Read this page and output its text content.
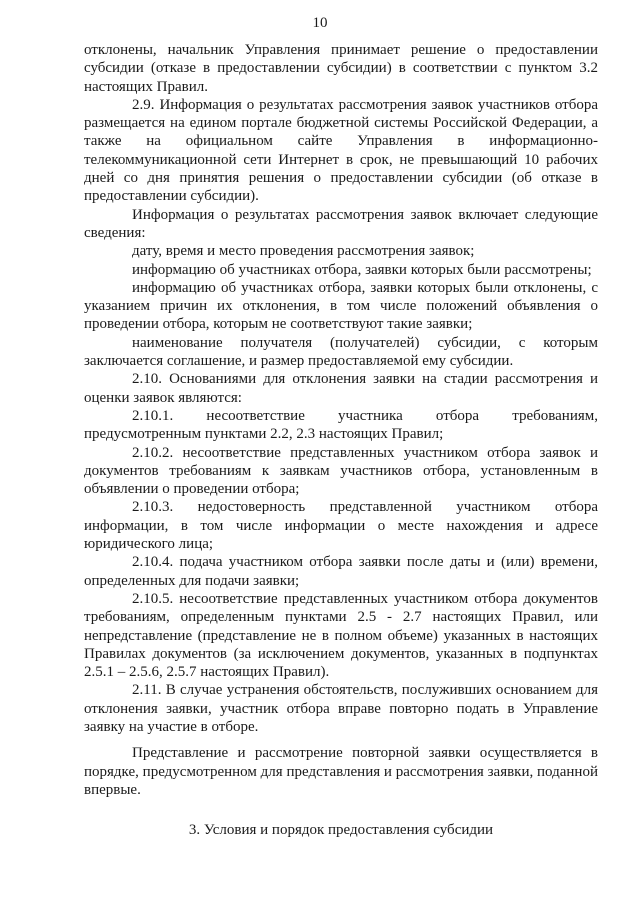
10

отклонены, начальник Управления принимает решение о предоставлении субсидии (отказе в предоставлении субсидии) в соответствии с пунктом 3.2 настоящих Правил.

2.9. Информация о результатах рассмотрения заявок участников отбора размещается на едином портале бюджетной системы Российской Федерации, а также на официальном сайте Управления в информационно-телекоммуникационной сети Интернет в срок, не превышающий 10 рабочих дней со дня принятия решения о предоставлении субсидии (об отказе в предоставлении субсидии).

Информация о результатах рассмотрения заявок включает следующие сведения:

дату, время и место проведения рассмотрения заявок;

информацию об участниках отбора, заявки которых были рассмотрены;

информацию об участниках отбора, заявки которых были отклонены, с указанием причин их отклонения, в том числе положений объявления о проведении отбора, которым не соответствуют такие заявки;

наименование получателя (получателей) субсидии, с которым заключается соглашение, и размер предоставляемой ему субсидии.

2.10. Основаниями для отклонения заявки на стадии рассмотрения и оценки заявок являются:

2.10.1. несоответствие участника отбора требованиям, предусмотренным пунктами 2.2, 2.3 настоящих Правил;

2.10.2. несоответствие представленных участником отбора заявок и документов требованиям к заявкам участников отбора, установленным в объявлении о проведении отбора;

2.10.3. недостоверность представленной участником отбора информации, в том числе информации о месте нахождения и адресе юридического лица;

2.10.4. подача участником отбора заявки после даты и (или) времени, определенных для подачи заявки;

2.10.5. несоответствие представленных участником отбора документов требованиям, определенным пунктами 2.5 - 2.7 настоящих Правил, или непредставление (представление не в полном объеме) указанных в настоящих Правилах документов (за исключением документов, указанных в подпунктах 2.5.1 – 2.5.6, 2.5.7 настоящих Правил).

2.11. В случае устранения обстоятельств, послуживших основанием для отклонения заявки, участник отбора вправе повторно подать в Управление заявку на участие в отборе.

Представление и рассмотрение повторной заявки осуществляется в порядке, предусмотренном для представления и рассмотрения заявки, поданной впервые.

3. Условия и порядок предоставления субсидии
